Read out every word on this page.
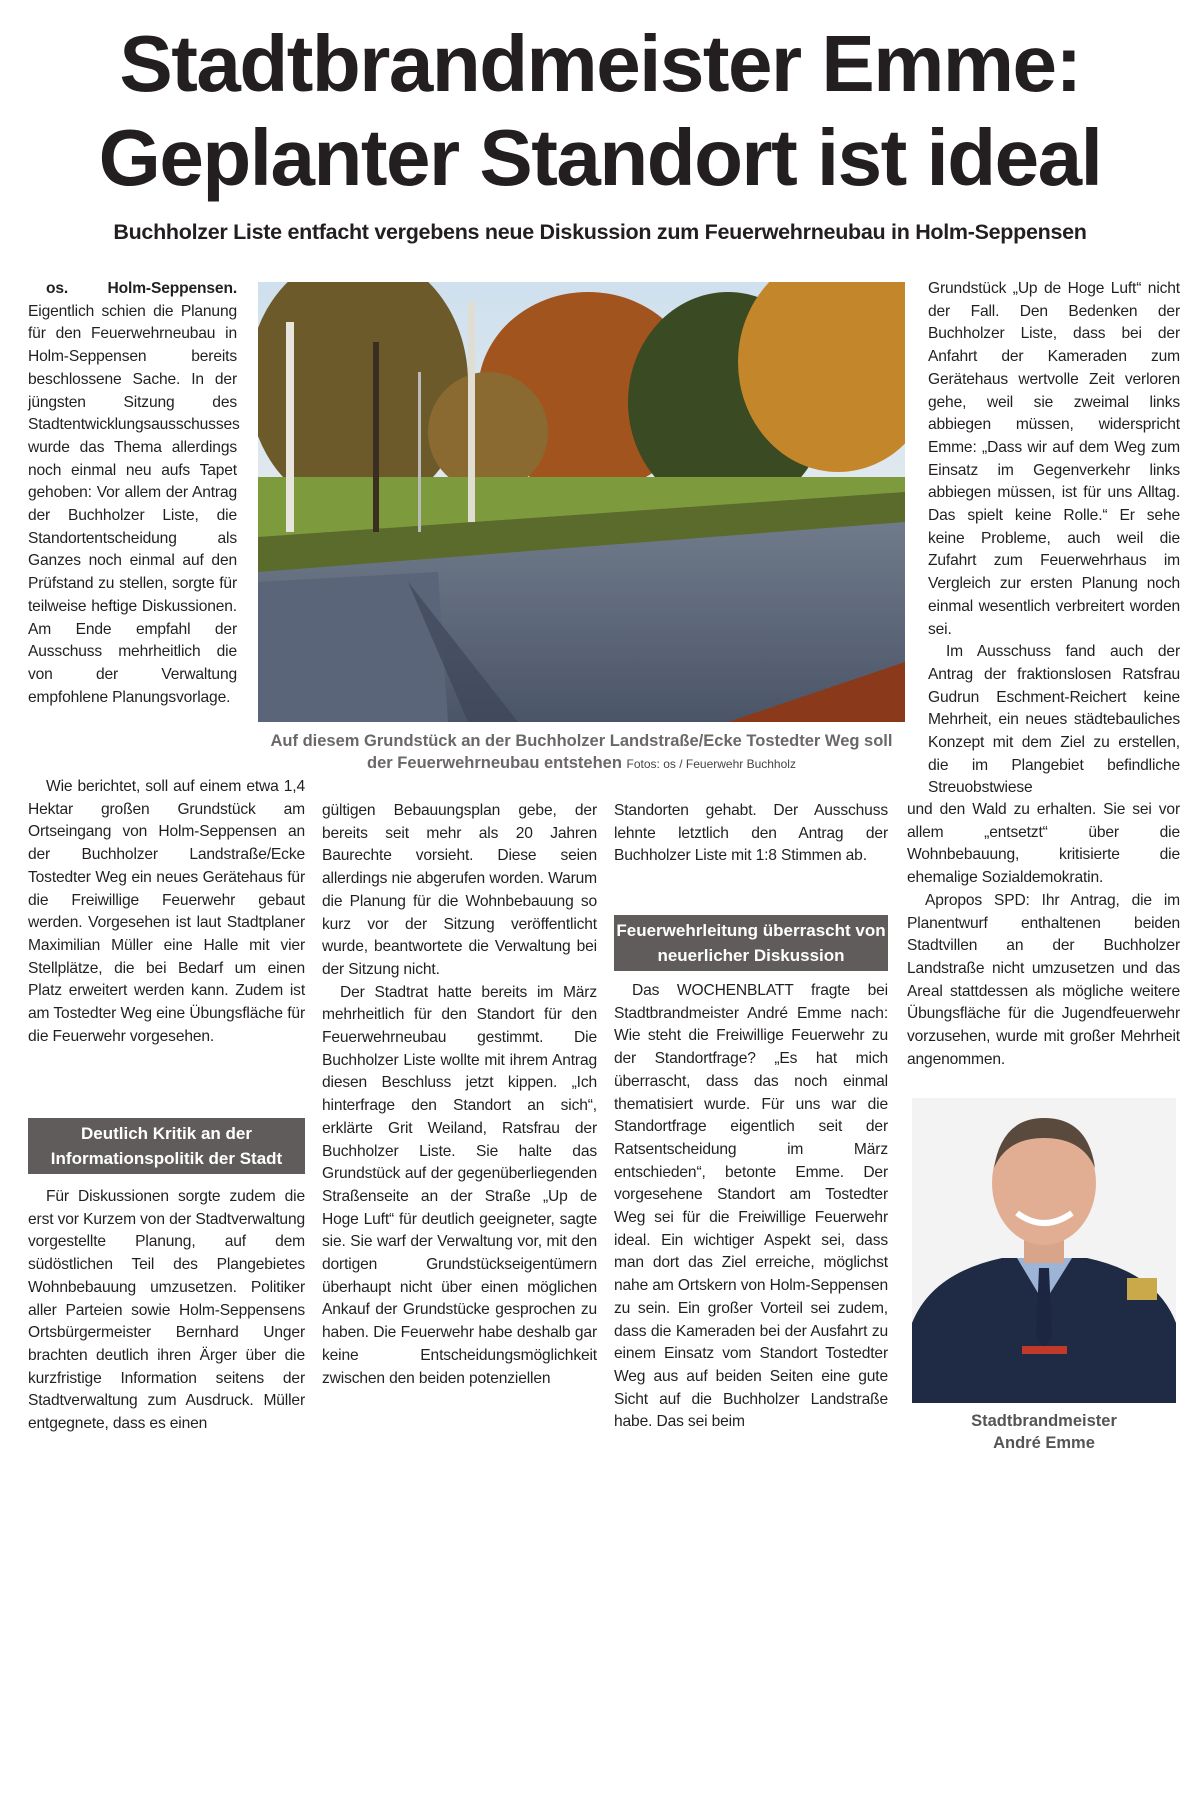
Stadtbrandmeister Emme:
Geplanter Standort ist ideal
Buchholzer Liste entfacht vergebens neue Diskussion zum Feuerwehrneubau in Holm-Seppensen

os. Holm-Seppensen. Eigentlich schien die Planung für den Feuerwehrneubau in Holm-Seppensen bereits beschlossene Sache. In der jüngsten Sitzung des Stadtentwicklungsausschusses wurde das Thema allerdings noch einmal neu aufs Tapet gehoben: Vor allem der Antrag der Buchholzer Liste, die Standortentscheidung als Ganzes noch einmal auf den Prüfstand zu stellen, sorgte für teilweise heftige Diskussionen. Am Ende empfahl der Ausschuss mehrheitlich die von der Verwaltung empfohlene Planungsvorlage.

Wie berichtet, soll auf einem etwa 1,4 Hektar großen Grundstück am Ortseingang von Holm-Seppensen an der Buchholzer Landstraße/Ecke Tostedter Weg ein neues Gerätehaus für die Freiwillige Feuerwehr gebaut werden. Vorgesehen ist laut Stadtplaner Maximilian Müller eine Halle mit vier Stellplätze, die bei Bedarf um einen Platz erweitert werden kann. Zudem ist am Tostedter Weg eine Übungsfläche für die Feuerwehr vorgesehen.

Deutlich Kritik an der Informationspolitik der Stadt

Für Diskussionen sorgte zudem die erst vor Kurzem von der Stadtverwaltung vorgestellte Planung, auf dem südöstlichen Teil des Plangebietes Wohnbebauung umzusetzen. Politiker aller Parteien sowie Holm-Seppensens Ortsbürgermeister Bernhard Unger brachten deutlich ihren Ärger über die kurzfristige Information seitens der Stadtverwaltung zum Ausdruck. Müller entgegnete, dass es einen

Auf diesem Grundstück an der Buchholzer Landstraße/Ecke Tostedter Weg soll der Feuerwehrneubau entstehen Fotos: os / Feuerwehr Buchholz

gültigen Bebauungsplan gebe, der bereits seit mehr als 20 Jahren Baurechte vorsieht. Diese seien allerdings nie abgerufen worden. Warum die Planung für die Wohnbebauung so kurz vor der Sitzung veröffentlicht wurde, beantwortete die Verwaltung bei der Sitzung nicht.

Der Stadtrat hatte bereits im März mehrheitlich für den Standort für den Feuerwehrneubau gestimmt. Die Buchholzer Liste wollte mit ihrem Antrag diesen Beschluss jetzt kippen. „Ich hinterfrage den Standort an sich“, erklärte Grit Weiland, Ratsfrau der Buchholzer Liste. Sie halte das Grundstück auf der gegenüberliegenden Straßenseite an der Straße „Up de Hoge Luft“ für deutlich geeigneter, sagte sie. Sie warf der Verwaltung vor, mit den dortigen Grundstückseigentümern überhaupt nicht über einen möglichen Ankauf der Grundstücke gesprochen zu haben. Die Feuerwehr habe deshalb gar keine Entscheidungsmöglichkeit zwischen den beiden potenziellen

Standorten gehabt. Der Ausschuss lehnte letztlich den Antrag der Buchholzer Liste mit 1:8 Stimmen ab.

Feuerwehrleitung überrascht von neuerlicher Diskussion

Das WOCHENBLATT fragte bei Stadtbrandmeister André Emme nach: Wie steht die Freiwillige Feuerwehr zu der Standortfrage? „Es hat mich überrascht, dass das noch einmal thematisiert wurde. Für uns war die Standortfrage eigentlich seit der Ratsentscheidung im März entschieden“, betonte Emme. Der vorgesehene Standort am Tostedter Weg sei für die Freiwillige Feuerwehr ideal. Ein wichtiger Aspekt sei, dass man dort das Ziel erreiche, möglichst nahe am Ortskern von Holm-Seppensen zu sein. Ein großer Vorteil sei zudem, dass die Kameraden bei der Ausfahrt zu einem Einsatz vom Standort Tostedter Weg aus auf beiden Seiten eine gute Sicht auf die Buchholzer Landstraße habe. Das sei beim

Grundstück „Up de Hoge Luft“ nicht der Fall. Den Bedenken der Buchholzer Liste, dass bei der Anfahrt der Kameraden zum Gerätehaus wertvolle Zeit verloren gehe, weil sie zweimal links abbiegen müssen, widerspricht Emme: „Dass wir auf dem Weg zum Einsatz im Gegenverkehr links abbiegen müssen, ist für uns Alltag. Das spielt keine Rolle.“ Er sehe keine Probleme, auch weil die Zufahrt zum Feuerwehrhaus im Vergleich zur ersten Planung noch einmal wesentlich verbreitert worden sei.

Im Ausschuss fand auch der Antrag der fraktionslosen Ratsfrau Gudrun Eschment-Reichert keine Mehrheit, ein neues städtebauliches Konzept mit dem Ziel zu erstellen, die im Plangebiet befindliche Streuobstwiese

und den Wald zu erhalten. Sie sei vor allem „entsetzt“ über die Wohnbebauung, kritisierte die ehemalige Sozialdemokratin.

Apropos SPD: Ihr Antrag, die im Planentwurf enthaltenen beiden Stadtvillen an der Buchholzer Landstraße nicht umzusetzen und das Areal stattdessen als mögliche weitere Übungsfläche für die Jugendfeuerwehr vorzusehen, wurde mit großer Mehrheit angenommen.

Stadtbrandmeister
André Emme
